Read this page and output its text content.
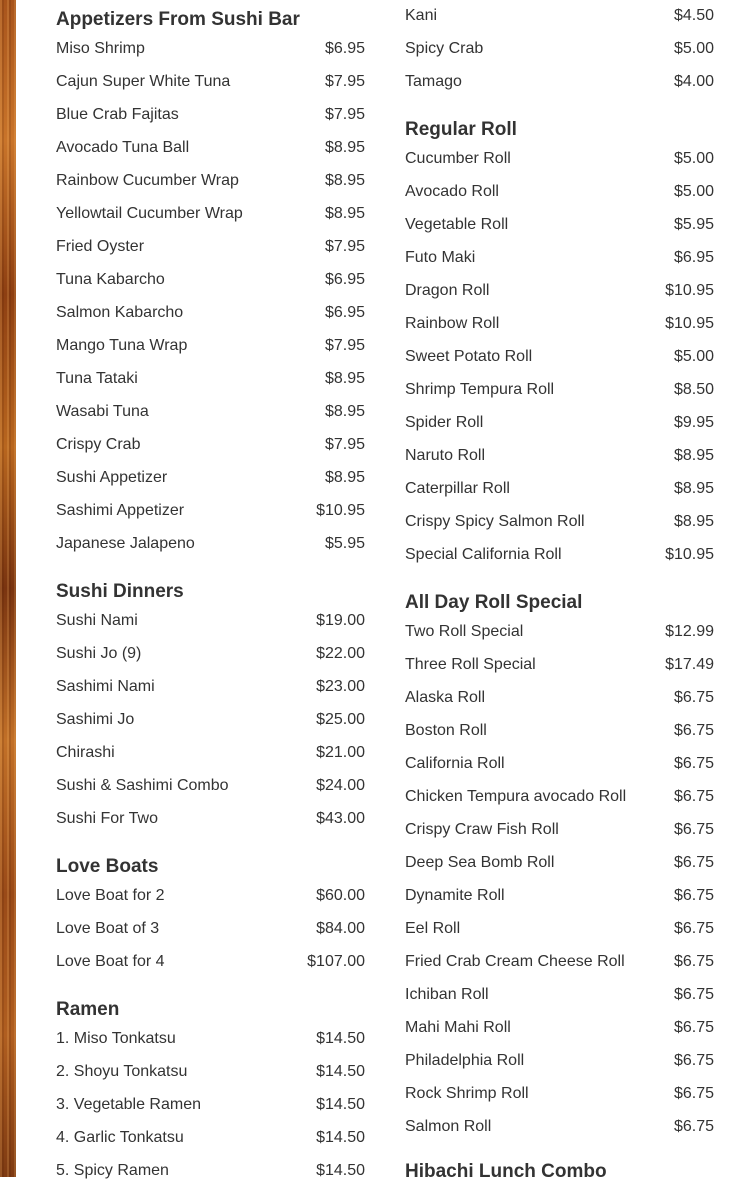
Appetizers From Sushi Bar
Miso Shrimp	$6.95
Cajun Super White Tuna	$7.95
Blue Crab Fajitas	$7.95
Avocado Tuna Ball	$8.95
Rainbow Cucumber Wrap	$8.95
Yellowtail Cucumber Wrap	$8.95
Fried Oyster	$7.95
Tuna Kabarcho	$6.95
Salmon Kabarcho	$6.95
Mango Tuna Wrap	$7.95
Tuna Tataki	$8.95
Wasabi Tuna	$8.95
Crispy Crab	$7.95
Sushi Appetizer	$8.95
Sashimi Appetizer	$10.95
Japanese Jalapeno	$5.95
Sushi Dinners
Sushi Nami	$19.00
Sushi Jo (9)	$22.00
Sashimi Nami	$23.00
Sashimi Jo	$25.00
Chirashi	$21.00
Sushi & Sashimi Combo	$24.00
Sushi For Two	$43.00
Love Boats
Love Boat for 2	$60.00
Love Boat of 3	$84.00
Love Boat for 4	$107.00
Ramen
1. Miso Tonkatsu	$14.50
2. Shoyu Tonkatsu	$14.50
3. Vegetable Ramen	$14.50
4. Garlic Tonkatsu	$14.50
5. Spicy Ramen	$14.50
Kani	$4.50
Spicy Crab	$5.00
Tamago	$4.00
Regular Roll
Cucumber Roll	$5.00
Avocado Roll	$5.00
Vegetable Roll	$5.95
Futo Maki	$6.95
Dragon Roll	$10.95
Rainbow Roll	$10.95
Sweet Potato Roll	$5.00
Shrimp Tempura Roll	$8.50
Spider Roll	$9.95
Naruto Roll	$8.95
Caterpillar Roll	$8.95
Crispy Spicy Salmon Roll	$8.95
Special California Roll	$10.95
All Day Roll Special
Two Roll Special	$12.99
Three Roll Special	$17.49
Alaska Roll	$6.75
Boston Roll	$6.75
California Roll	$6.75
Chicken Tempura avocado Roll	$6.75
Crispy Craw Fish Roll	$6.75
Deep Sea Bomb Roll	$6.75
Dynamite Roll	$6.75
Eel Roll	$6.75
Fried Crab Cream Cheese Roll	$6.75
Ichiban Roll	$6.75
Mahi Mahi Roll	$6.75
Philadelphia Roll	$6.75
Rock Shrimp Roll	$6.75
Salmon Roll	$6.75
Hibachi Lunch Combo
